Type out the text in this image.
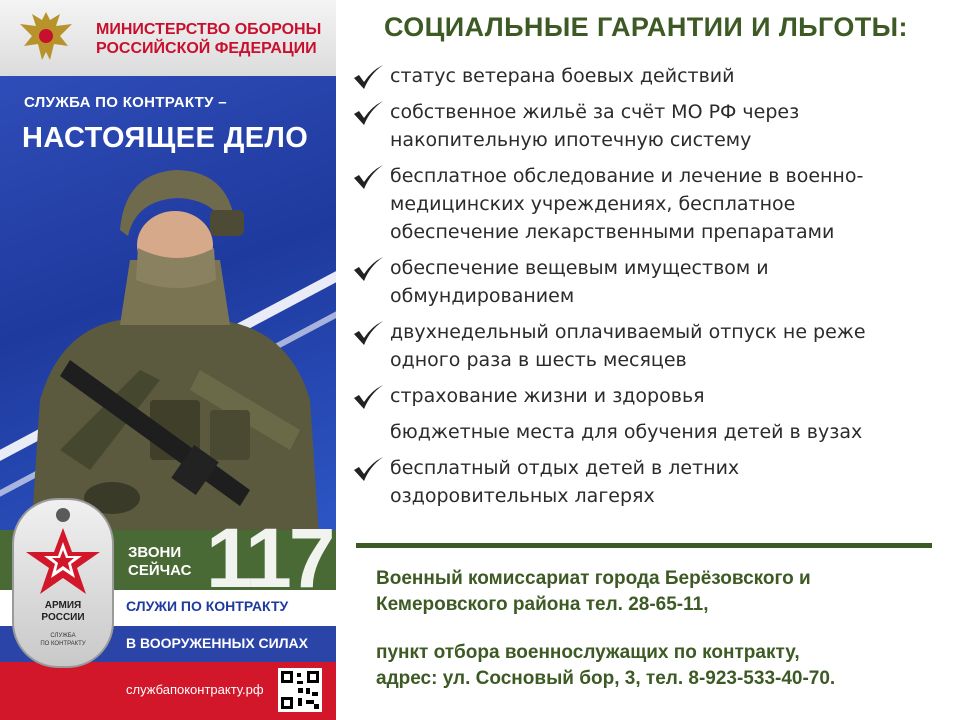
МИНИСТЕРСТВО ОБОРОНЫ
РОССИЙСКОЙ ФЕДЕРАЦИИ
СЛУЖБА ПО КОНТРАКТУ –
НАСТОЯЩЕЕ ДЕЛО
ЗВОНИ
СЕЙЧАС 117
СЛУЖИ ПО КОНТРАКТУ
В ВООРУЖЕННЫХ СИЛАХ
службапоконтракту.рф
АРМИЯ
РОССИИ
СЛУЖБА
ПО КОНТРАКТУ
СОЦИАЛЬНЫЕ ГАРАНТИИ И ЛЬГОТЫ:
статус ветерана боевых действий
собственное жильё за счёт МО РФ через
накопительную ипотечную систему
бесплатное обследование и лечение в военно-
медицинских учреждениях, бесплатное
обеспечение лекарственными препаратами
обеспечение вещевым имуществом и
обмундированием
двухнедельный оплачиваемый отпуск не реже
одного раза в шесть месяцев
страхование жизни и здоровья
бюджетные места для обучения детей в вузах
бесплатный отдых детей в летних
оздоровительных лагерях
Военный комиссариат города Берёзовского и
Кемеровского района тел. 28-65-11,
пункт отбора военнослужащих по контракту,
адрес: ул. Сосновый бор, 3, тел. 8-923-533-40-70.
